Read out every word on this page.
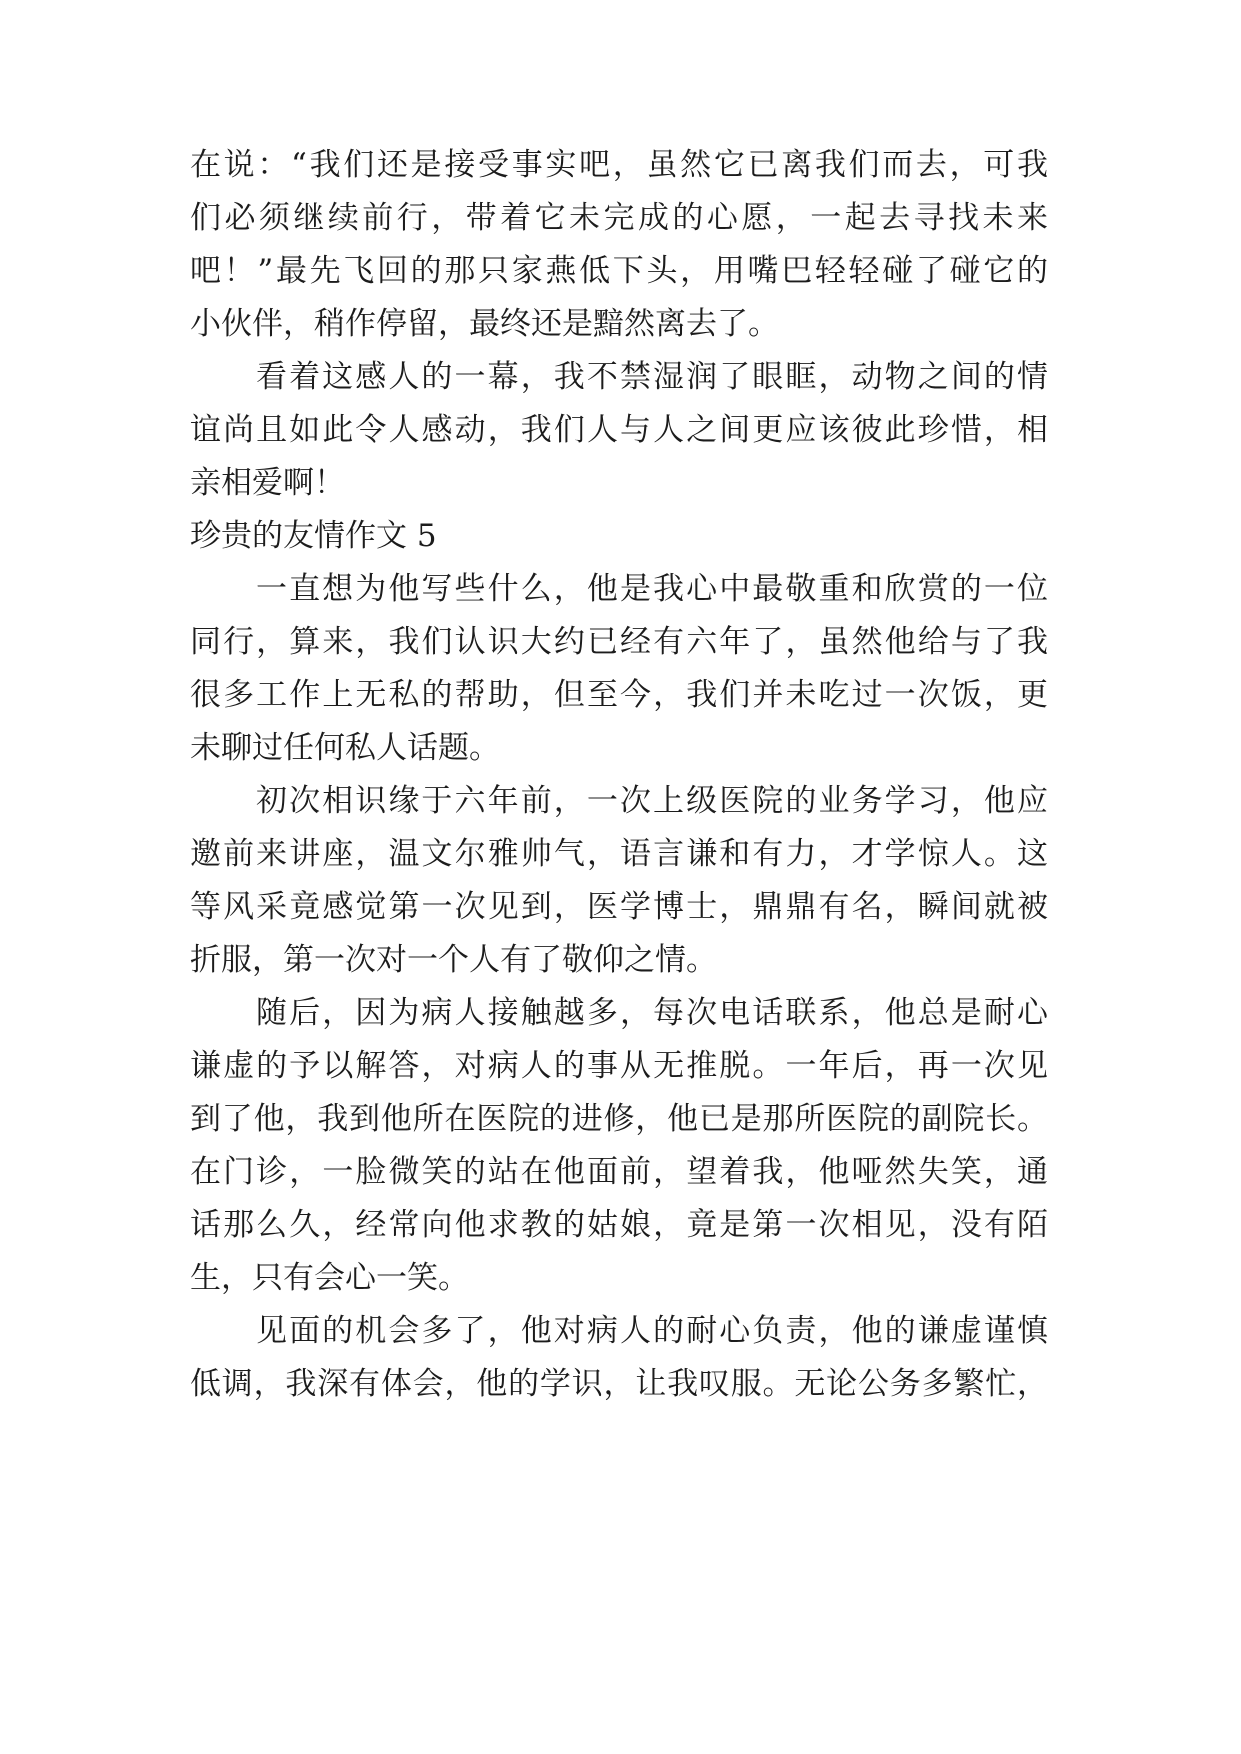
在说：“我们还是接受事实吧，虽然它已离我们而去，可我
们必须继续前行，带着它未完成的心愿，一起去寻找未来
吧！”最先飞回的那只家燕低下头，用嘴巴轻轻碰了碰它的
小伙伴，稍作停留，最终还是黯然离去了。
看着这感人的一幕，我不禁湿润了眼眶，动物之间的情
谊尚且如此令人感动，我们人与人之间更应该彼此珍惜，相
亲相爱啊！
珍贵的友情作文 5
一直想为他写些什么，他是我心中最敬重和欣赏的一位
同行，算来，我们认识大约已经有六年了，虽然他给与了我
很多工作上无私的帮助，但至今，我们并未吃过一次饭，更
未聊过任何私人话题。
初次相识缘于六年前，一次上级医院的业务学习，他应
邀前来讲座，温文尔雅帅气，语言谦和有力，才学惊人。这
等风采竟感觉第一次见到，医学博士，鼎鼎有名，瞬间就被
折服，第一次对一个人有了敬仰之情。
随后，因为病人接触越多，每次电话联系，他总是耐心
谦虚的予以解答，对病人的事从无推脱。一年后，再一次见
到了他，我到他所在医院的进修，他已是那所医院的副院长。
在门诊，一脸微笑的站在他面前，望着我，他哑然失笑，通
话那么久，经常向他求教的姑娘，竟是第一次相见，没有陌
生，只有会心一笑。
见面的机会多了，他对病人的耐心负责，他的谦虚谨慎
低调，我深有体会，他的学识，让我叹服。无论公务多繁忙，
